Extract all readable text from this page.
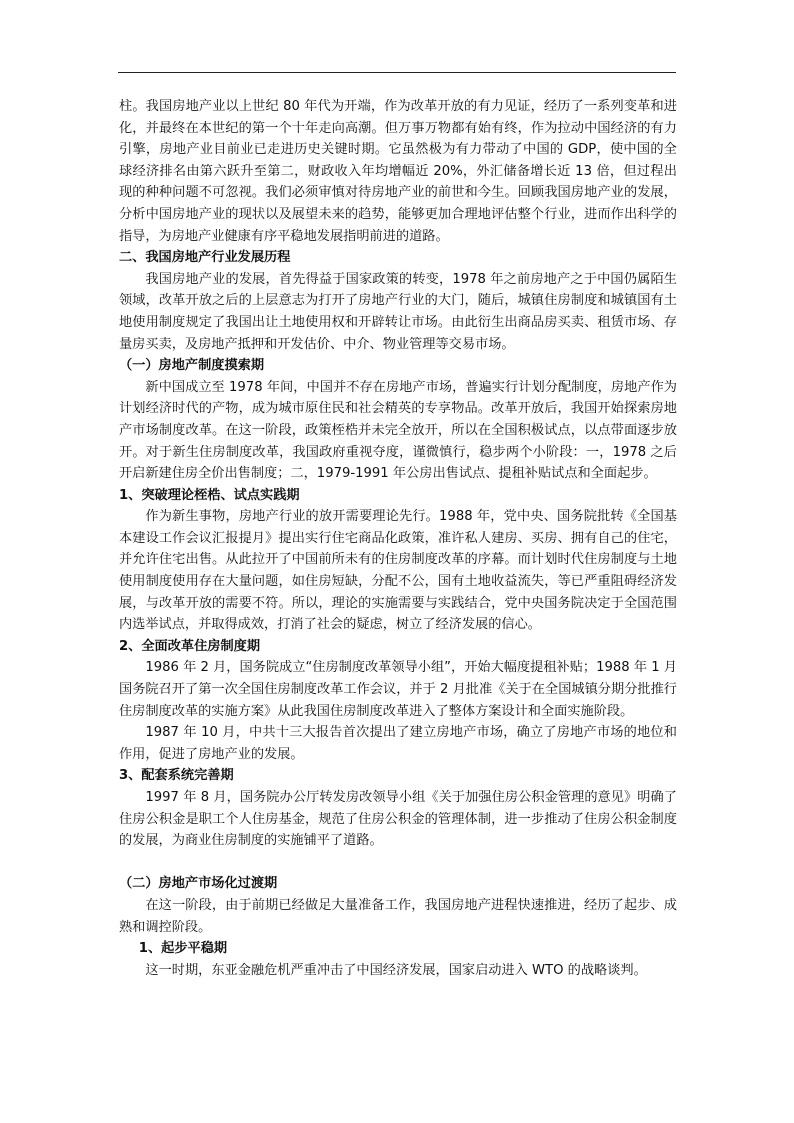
柱。我国房地产业以上世纪 80 年代为开端，作为改革开放的有力见证，经历了一系列变革和进化，并最终在本世纪的第一个十年走向高潮。但万事万物都有始有终，作为拉动中国经济的有力引擎，房地产业目前业已走进历史关键时期。它虽然极为有力带动了中国的 GDP，使中国的全球经济排名由第六跃升至第二，财政收入年均增幅近 20%，外汇储备增长近 13 倍，但过程出现的种种问题不可忽视。我们必须审慎对待房地产业的前世和今生。回顾我国房地产业的发展，分析中国房地产业的现状以及展望未来的趋势，能够更加合理地评估整个行业，进而作出科学的指导，为房地产业健康有序平稳地发展指明前进的道路。

二、我国房地产行业发展历程

我国房地产业的发展，首先得益于国家政策的转变，1978 年之前房地产之于中国仍属陌生领域，改革开放之后的上层意志为打开了房地产行业的大门，随后，城镇住房制度和城镇国有土地使用制度规定了我国出让土地使用权和开辟转让市场。由此衍生出商品房买卖、租赁市场、存量房买卖，及房地产抵押和开发估价、中介、物业管理等交易市场。

（一）房地产制度摸索期

新中国成立至 1978 年间，中国并不存在房地产市场，普遍实行计划分配制度，房地产作为计划经济时代的产物，成为城市原住民和社会精英的专享物品。改革开放后，我国开始探索房地产市场制度改革。在这一阶段，政策桎梏并未完全放开，所以在全国积极试点，以点带面逐步放开。对于新生住房制度改革，我国政府重视夺度，谨微慎行，稳步两个小阶段：一，1978 之后开启新建住房全价出售制度；二，1979-1991 年公房出售试点、提租补贴试点和全面起步。

1、突破理论桎梏、试点实践期

作为新生事物，房地产行业的放开需要理论先行。1988 年，党中央、国务院批转《全国基本建设工作会议汇报提月》提出实行住宅商品化政策，准许私人建房、买房、拥有自己的住宅，并允许住宅出售。从此拉开了中国前所未有的住房制度改革的序幕。而计划时代住房制度与土地使用制度使用存在大量问题，如住房短缺，分配不公，国有土地收益流失，等已严重阻碍经济发展，与改革开放的需要不符。所以，理论的实施需要与实践结合，党中央国务院决定于全国范围内选举试点，并取得成效，打消了社会的疑虑，树立了经济发展的信心。

2、全面改革住房制度期

1986 年 2 月，国务院成立“住房制度改革领导小组”，开始大幅度提租补贴；1988 年 1 月国务院召开了第一次全国住房制度改革工作会议，并于 2 月批准《关于在全国城镇分期分批推行住房制度改革的实施方案》从此我国住房制度改革进入了整体方案设计和全面实施阶段。

1987 年 10 月，中共十三大报告首次提出了建立房地产市场，确立了房地产市场的地位和作用，促进了房地产业的发展。

3、配套系统完善期

1997 年 8 月，国务院办公厅转发房改领导小组《关于加强住房公积金管理的意见》明确了住房公积金是职工个人住房基金，规范了住房公积金的管理体制，进一步推动了住房公积金制度的发展，为商业住房制度的实施铺平了道路。

（二）房地产市场化过渡期

在这一阶段，由于前期已经做足大量准备工作，我国房地产进程快速推进，经历了起步、成熟和调控阶段。

1、起步平稳期

这一时期，东亚金融危机严重冲击了中国经济发展，国家启动进入 WTO 的战略谈判。
